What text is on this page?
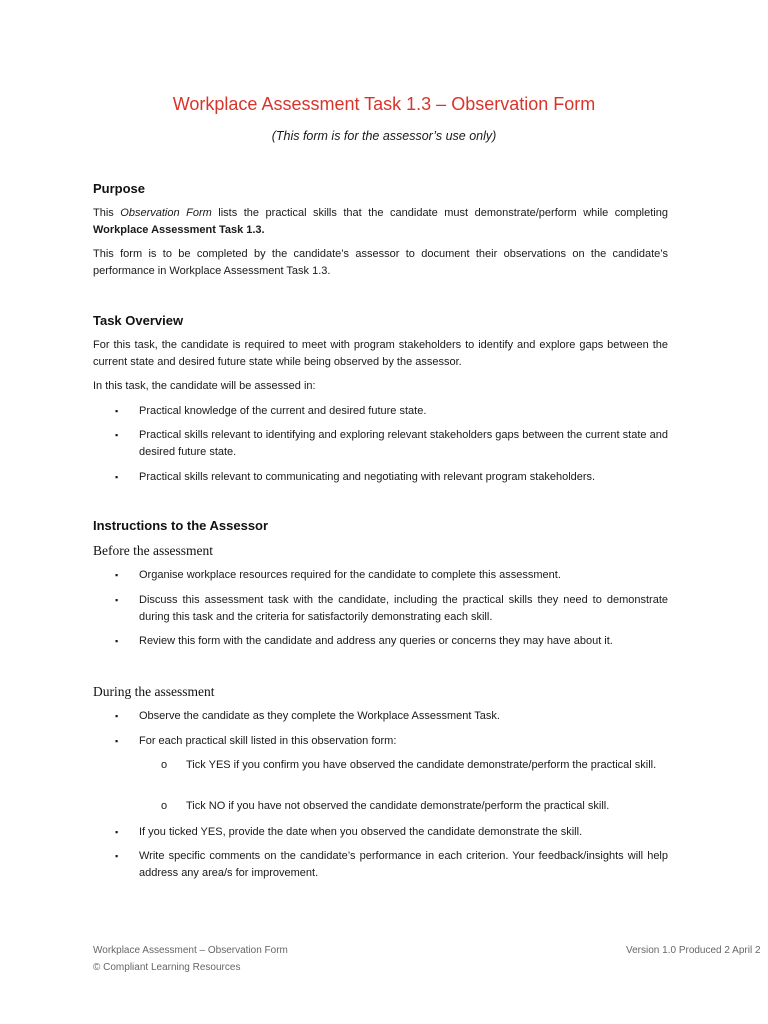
Workplace Assessment Task 1.3 – Observation Form
(This form is for the assessor’s use only)
Purpose
This Observation Form lists the practical skills that the candidate must demonstrate/perform while completing Workplace Assessment Task 1.3.
This form is to be completed by the candidate’s assessor to document their observations on the candidate’s performance in Workplace Assessment Task 1.3.
Task Overview
For this task, the candidate is required to meet with program stakeholders to identify and explore gaps between the current state and desired future state while being observed by the assessor.
In this task, the candidate will be assessed in:
▪ Practical knowledge of the current and desired future state.
▪ Practical skills relevant to identifying and exploring relevant stakeholders gaps between the current state and desired future state.
▪ Practical skills relevant to communicating and negotiating with relevant program stakeholders.
Instructions to the Assessor
Before the assessment
▪ Organise workplace resources required for the candidate to complete this assessment.
▪ Discuss this assessment task with the candidate, including the practical skills they need to demonstrate during this task and the criteria for satisfactorily demonstrating each skill.
▪ Review this form with the candidate and address any queries or concerns they may have about it.
During the assessment
▪ Observe the candidate as they complete the Workplace Assessment Task.
▪ For each practical skill listed in this observation form:
o Tick YES if you confirm you have observed the candidate demonstrate/perform the practical skill.
o Tick NO if you have not observed the candidate demonstrate/perform the practical skill.
▪ If you ticked YES, provide the date when you observed the candidate demonstrate the skill.
▪ Write specific comments on the candidate’s performance in each criterion. Your feedback/insights will help address any area/s for improvement.
Workplace Assessment – Observation Form
© Compliant Learning Resources
Version 1.0 Produced 2 April 2
